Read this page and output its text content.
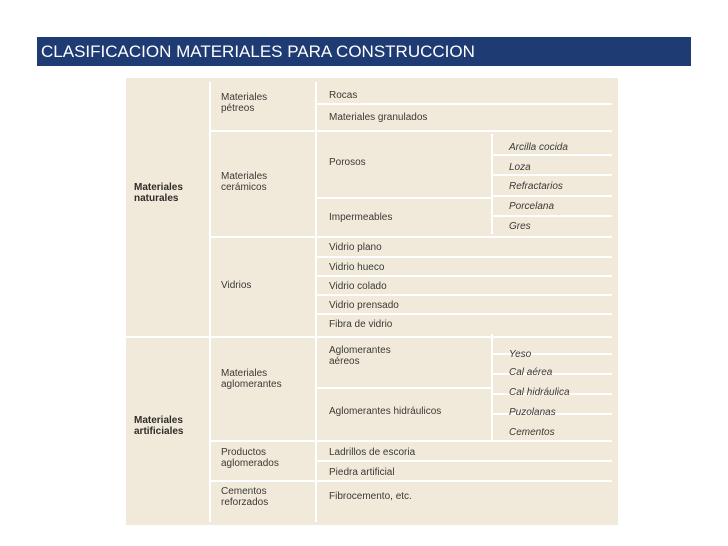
CLASIFICACION MATERIALES PARA CONSTRUCCION
Materiales naturales
Materiales artificiales
Materiales pétreos
Materiales cerámicos
Vidrios
Materiales aglomerantes
Productos aglomerados
Cementos reforzados
Rocas
Materiales granulados
Porosos
Impermeables
Vidrio plano
Vidrio hueco
Vidrio colado
Vidrio prensado
Fibra de vidrio
Aglomerantes aéreos
Aglomerantes hidráulicos
Ladrillos de escoria
Piedra artificial
Fibrocemento, etc.
Arcilla cocida
Loza
Refractarios
Porcelana
Gres
Yeso
Cal aérea
Cal hidráulica
Puzolanas
Cementos
